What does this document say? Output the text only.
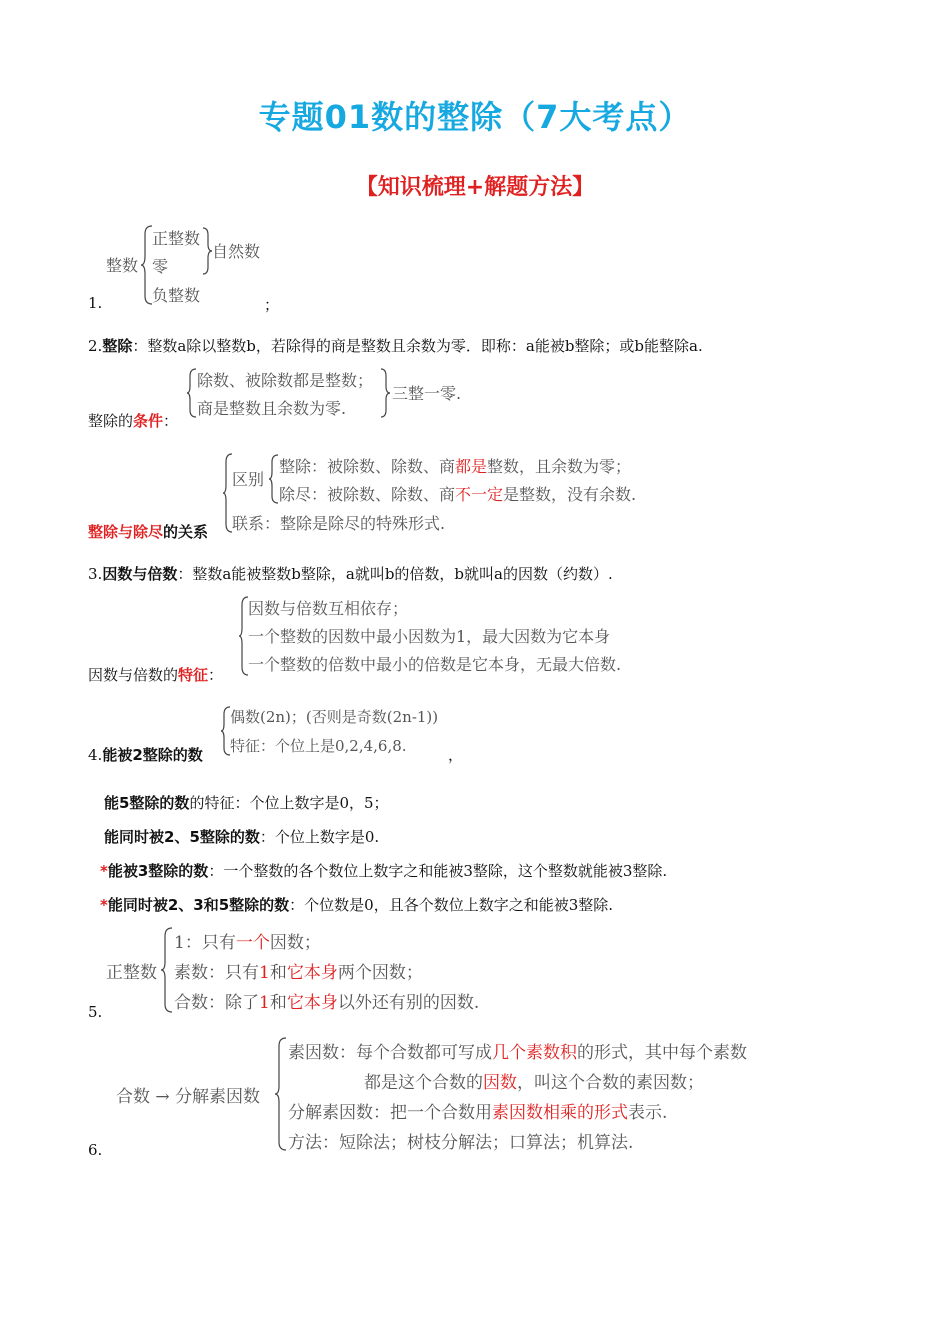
专题01数的整除（7大考点）
【知识梳理+解题方法】
1.
整数
正整数
零
负整数
自然数
；
2.整除：整数a除以整数b，若除得的商是整数且余数为零．即称：a能被b整除；或b能整除a.
整除的条件：
除数、被除数都是整数；
商是整数且余数为零.
三整一零.
整除与除尽的关系
区别
整除：被除数、除数、商都是整数，且余数为零；
除尽：被除数、除数、商不一定是整数，没有余数.
联系：整除是除尽的特殊形式.
3.因数与倍数：整数a能被整数b整除，a就叫b的倍数，b就叫a的因数（约数）.
因数与倍数的特征：
因数与倍数互相依存；
一个整数的因数中最小因数为1，最大因数为它本身
一个整数的倍数中最小的倍数是它本身，无最大倍数.
4.能被2整除的数
偶数(2n)；(否则是奇数(2n-1))
特征：个位上是0,2,4,6,8.	，
能5整除的数的特征：个位上数字是0，5；
能同时被2、5整除的数：个位上数字是0.
*能被3整除的数：一个整数的各个数位上数字之和能被3整除，这个整数就能被3整除.
*能同时被2、3和5整除的数：个位数是0，且各个数位上数字之和能被3整除.
5.
正整数
1：只有一个因数；
素数：只有1和它本身两个因数；
合数：除了1和它本身以外还有别的因数.
6.
合数 → 分解素因数
素因数：每个合数都可写成几个素数积的形式，其中每个素数
都是这个合数的因数，叫这个合数的素因数；
分解素因数：把一个合数用素因数相乘的形式表示.
方法：短除法；树枝分解法；口算法；机算法.
